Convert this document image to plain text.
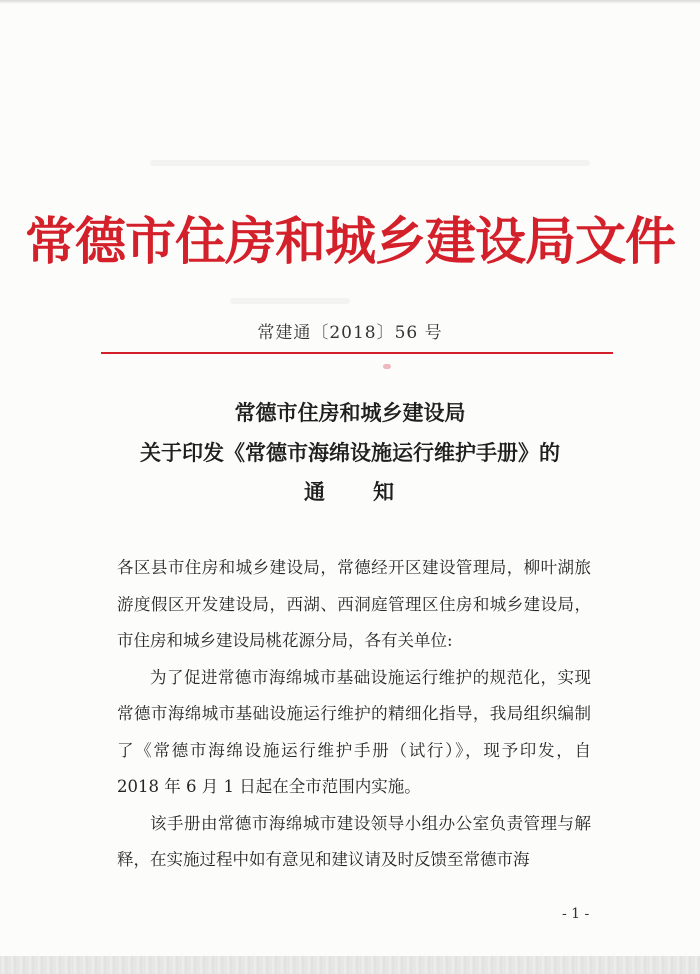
常德市住房和城乡建设局文件
常建通〔2018〕56 号
常德市住房和城乡建设局
关于印发《常德市海绵设施运行维护手册》的
通　　知

各区县市住房和城乡建设局，常德经开区建设管理局，柳叶湖旅游度假区开发建设局，西湖、西洞庭管理区住房和城乡建设局，市住房和城乡建设局桃花源分局，各有关单位:

为了促进常德市海绵城市基础设施运行维护的规范化，实现常德市海绵城市基础设施运行维护的精细化指导，我局组织编制了《常德市海绵设施运行维护手册（试行）》，现予印发，自 2018 年 6 月 1 日起在全市范围内实施。

该手册由常德市海绵城市建设领导小组办公室负责管理与解释，在实施过程中如有意见和建议请及时反馈至常德市海

- 1 -
